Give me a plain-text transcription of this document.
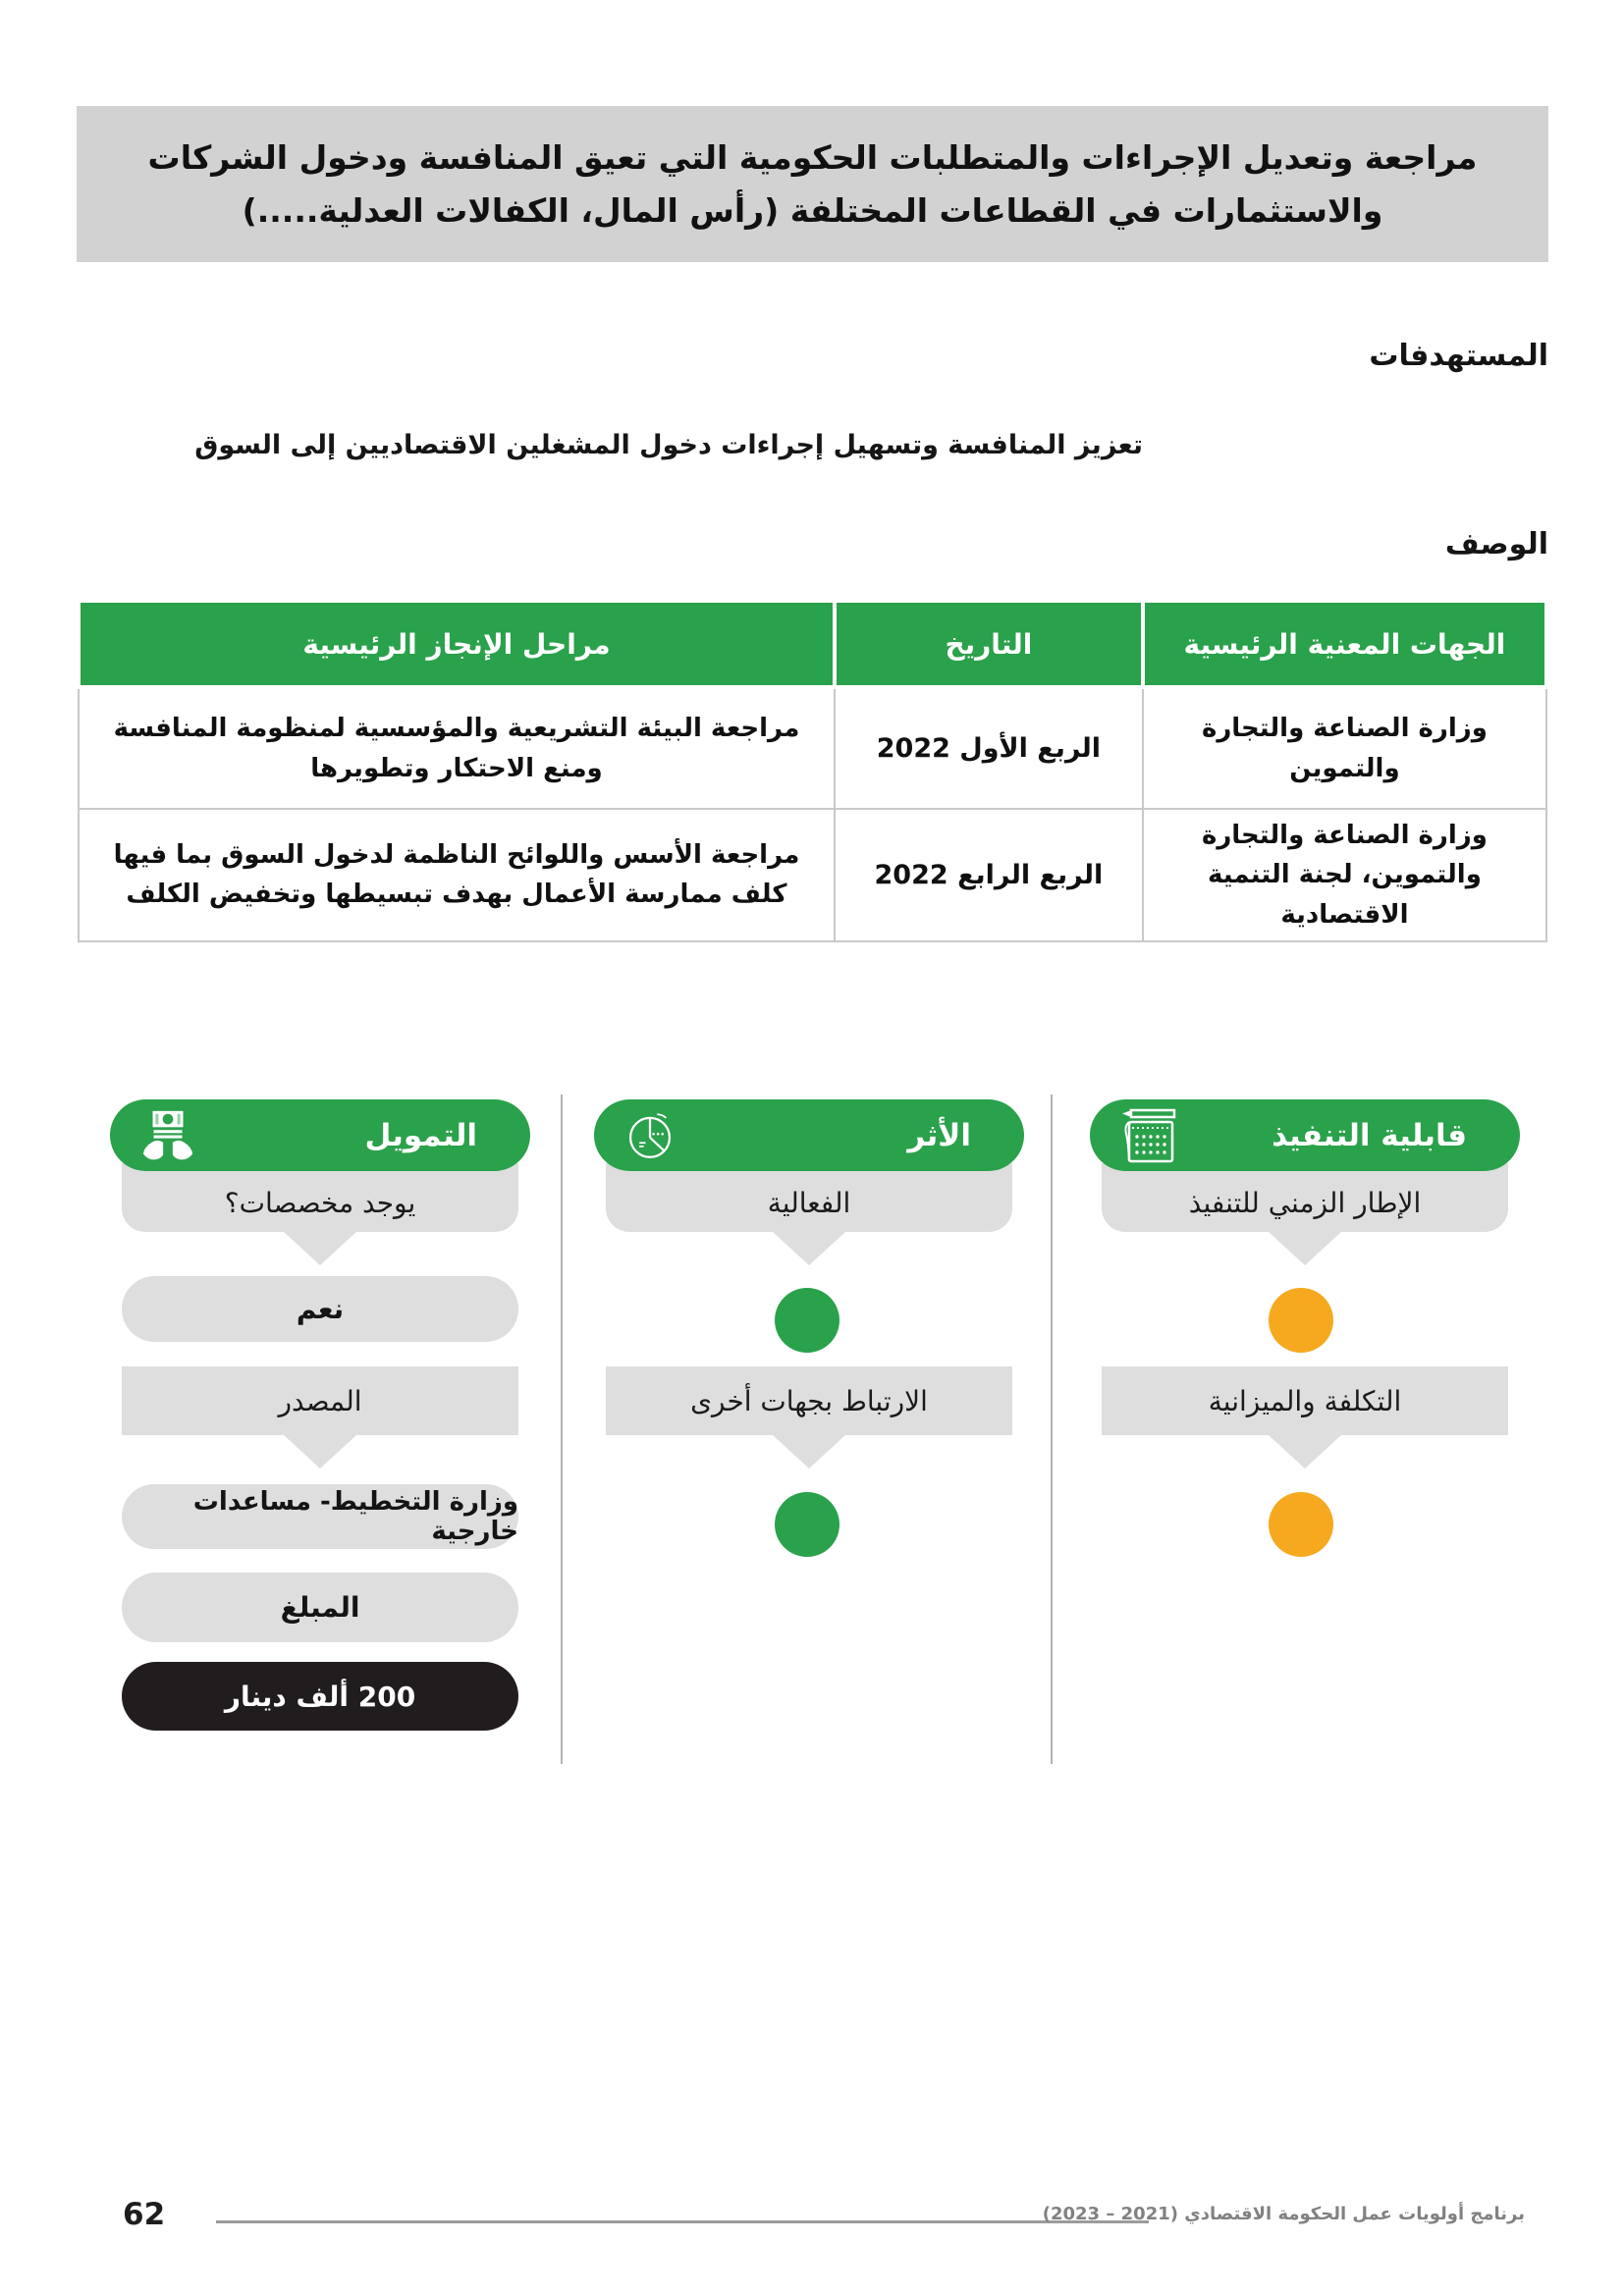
مراجعة وتعديل الإجراءات والمتطلبات الحكومية التي تعيق المنافسة ودخول الشركات والاستثمارات في القطاعات المختلفة (رأس المال، الكفالات العدلية.....)
المستهدفات
تعزيز المنافسة وتسهيل إجراءات دخول المشغلين الاقتصاديين إلى السوق
الوصف
الجهات المعنية الرئيسية	التاريخ	مراحل الإنجاز الرئيسية
وزارة الصناعة والتجارة والتموين	الربع الأول 2022	مراجعة البيئة التشريعية والمؤسسية لمنظومة المنافسة ومنع الاحتكار وتطويرها
وزارة الصناعة والتجارة والتموين، لجنة التنمية الاقتصادية	الربع الرابع 2022	مراجعة الأسس واللوائح الناظمة لدخول السوق بما فيها كلف ممارسة الأعمال بهدف تبسيطها وتخفيض الكلف
قابلية التنفيذ
الإطار الزمني للتنفيذ
التكلفة والميزانية
الأثر
الفعالية
الارتباط بجهات أخرى
التمويل
يوجد مخصصات؟
نعم
المصدر
وزارة التخطيط- مساعدات خارجية
المبلغ
200 ألف دينار
62	برنامج أولويات عمل الحكومة الاقتصادي (2021 – 2023)
